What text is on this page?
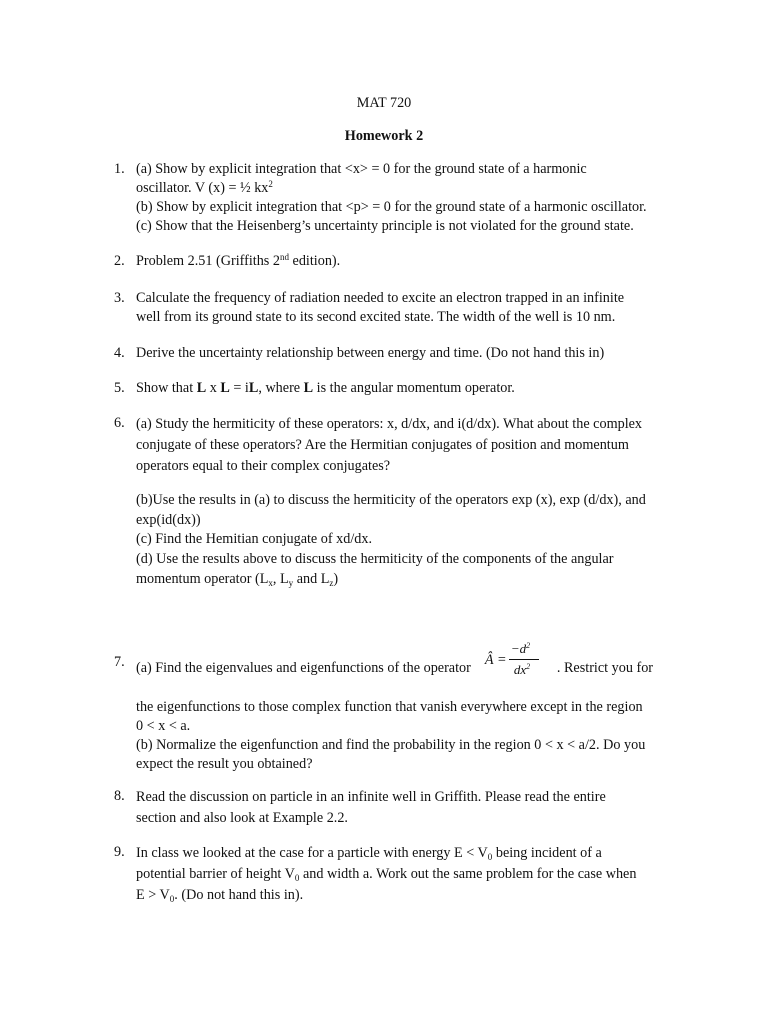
MAT 720
Homework 2
1. (a) Show by explicit integration that <x> = 0 for the ground state of a harmonic
oscillator. V (x) = ½ $kx^2$
(b) Show by explicit integration that <p> = 0 for the ground state of a harmonic oscillator.
(c) Show that the Heisenberg’s uncertainty principle is not violated for the ground state.
2. Problem 2.51 (Griffiths 2nd edition).
3. Calculate the frequency of radiation needed to excite an electron trapped in an infinite
well from its ground state to its second excited state. The width of the well is 10 nm.
4. Derive the uncertainty relationship between energy and time. (Do not hand this in)
5. Show that L x L = iL, where L is the angular momentum operator.
6. (a) Study the hermiticity of these operators: x, d/dx, and i(d/dx). What about the complex
conjugate of these operators? Are the Hermitian conjugates of position and momentum
operators equal to their complex conjugates?
(b)Use the results in (a) to discuss the hermiticity of the operators exp (x), exp (d/dx), and
exp(id(dx))
(c) Find the Hemitian conjugate of xd/dx.
(d) Use the results above to discuss the hermiticity of the components of the angular
momentum operator ($L_x$, $L_y$ and $L_z$)
7. (a) Find the eigenvalues and eigenfunctions of the operator Â =
$-d^2$
$dx^2$ . Restrict you for
the eigenfunctions to those complex function that vanish everywhere except in the region
0 < x < a.
(b) Normalize the eigenfunction and find the probability in the region 0 < x < a/2. Do you
expect the result you obtained?
8. Read the discussion on particle in an infinite well in Griffith. Please read the entire
section and also look at Example 2.2.
9. In class we looked at the case for a particle with energy $E < V_0$ being incident of a
potential barrier of height $V_0$ and width a. Work out the same problem for the case when
$E > V_0$. (Do not hand this in).
